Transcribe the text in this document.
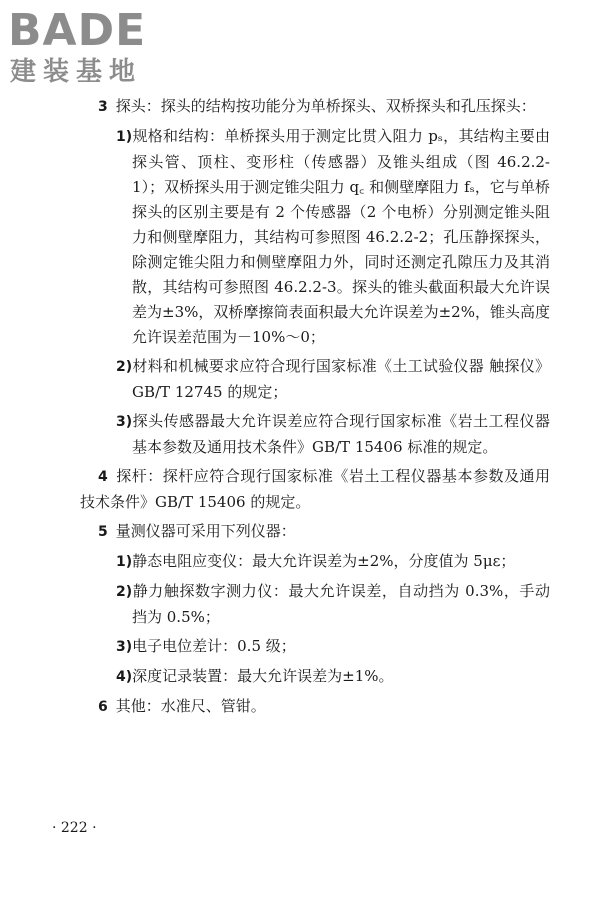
BADE
建装基地

3 探头：探头的结构按功能分为单桥探头、双桥探头和孔压探头：

1)规格和结构：单桥探头用于测定比贯入阻力 pₛ，其结构主要由探头管、顶柱、变形柱（传感器）及锥头组成（图 46.2.2-1）；双桥探头用于测定锥尖阻力 q꜀ 和侧壁摩阻力 fₛ，它与单桥探头的区别主要是有 2 个传感器（2 个电桥）分别测定锥头阻力和侧壁摩阻力，其结构可参照图 46.2.2-2；孔压静探探头，除测定锥尖阻力和侧壁摩阻力外，同时还测定孔隙压力及其消散，其结构可参照图 46.2.2-3。探头的锥头截面积最大允许误差为±3%，双桥摩擦筒表面积最大允许误差为±2%，锥头高度允许误差范围为－10%～0；

2)材料和机械要求应符合现行国家标准《土工试验仪器 触探仪》GB/T 12745 的规定；

3)探头传感器最大允许误差应符合现行国家标准《岩土工程仪器基本参数及通用技术条件》GB/T 15406 标准的规定。

4 探杆：探杆应符合现行国家标准《岩土工程仪器基本参数及通用技术条件》GB/T 15406 的规定。

5 量测仪器可采用下列仪器：

1)静态电阻应变仪：最大允许误差为±2%，分度值为 5με；

2)静力触探数字测力仪：最大允许误差，自动挡为 0.3%，手动挡为 0.5%；

3)电子电位差计：0.5 级；

4)深度记录装置：最大允许误差为±1%。

6 其他：水准尺、管钳。

· 222 ·
